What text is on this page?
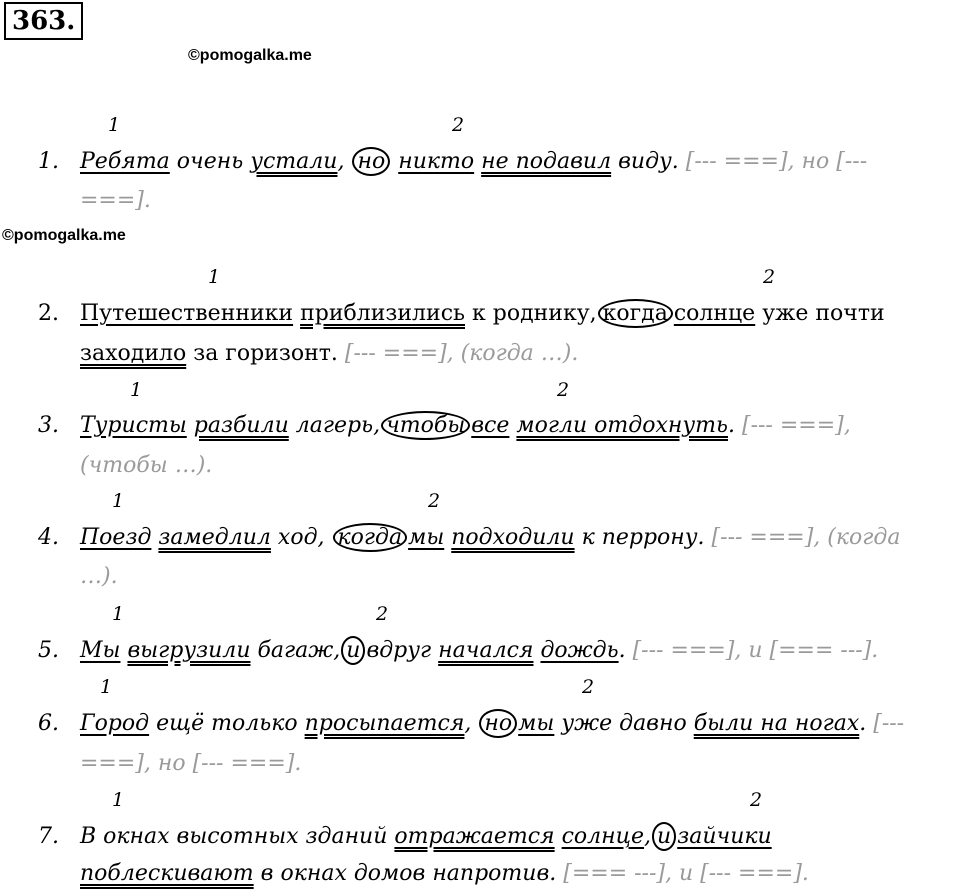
363.
©pomogalka.me
©pomogalka.me
1	2
1. Ребята очень устали, но никто не подавил виду. [--- ===], но [---
===].
1	2
2. Путешественники приблизились к роднику, когда солнце уже почти
заходило за горизонт. [--- ===], (когда …).
1	2
3. Туристы разбили лагерь, чтобы все могли отдохнуть. [--- ===],
(чтобы …).
1	2
4. Поезд замедлил ход, когда мы подходили к перрону. [--- ===], (когда
…).
1	2
5. Мы выгрузили багаж, и вдруг начался дождь. [--- ===], и [=== ---].
1	2
6. Город ещё только просыпается, но мы уже давно были на ногах. [---
===], но [--- ===].
1	2
7. В окнах высотных зданий отражается солнце, и зайчики
поблескивают в окнах домов напротив. [=== ---], и [--- ===].
